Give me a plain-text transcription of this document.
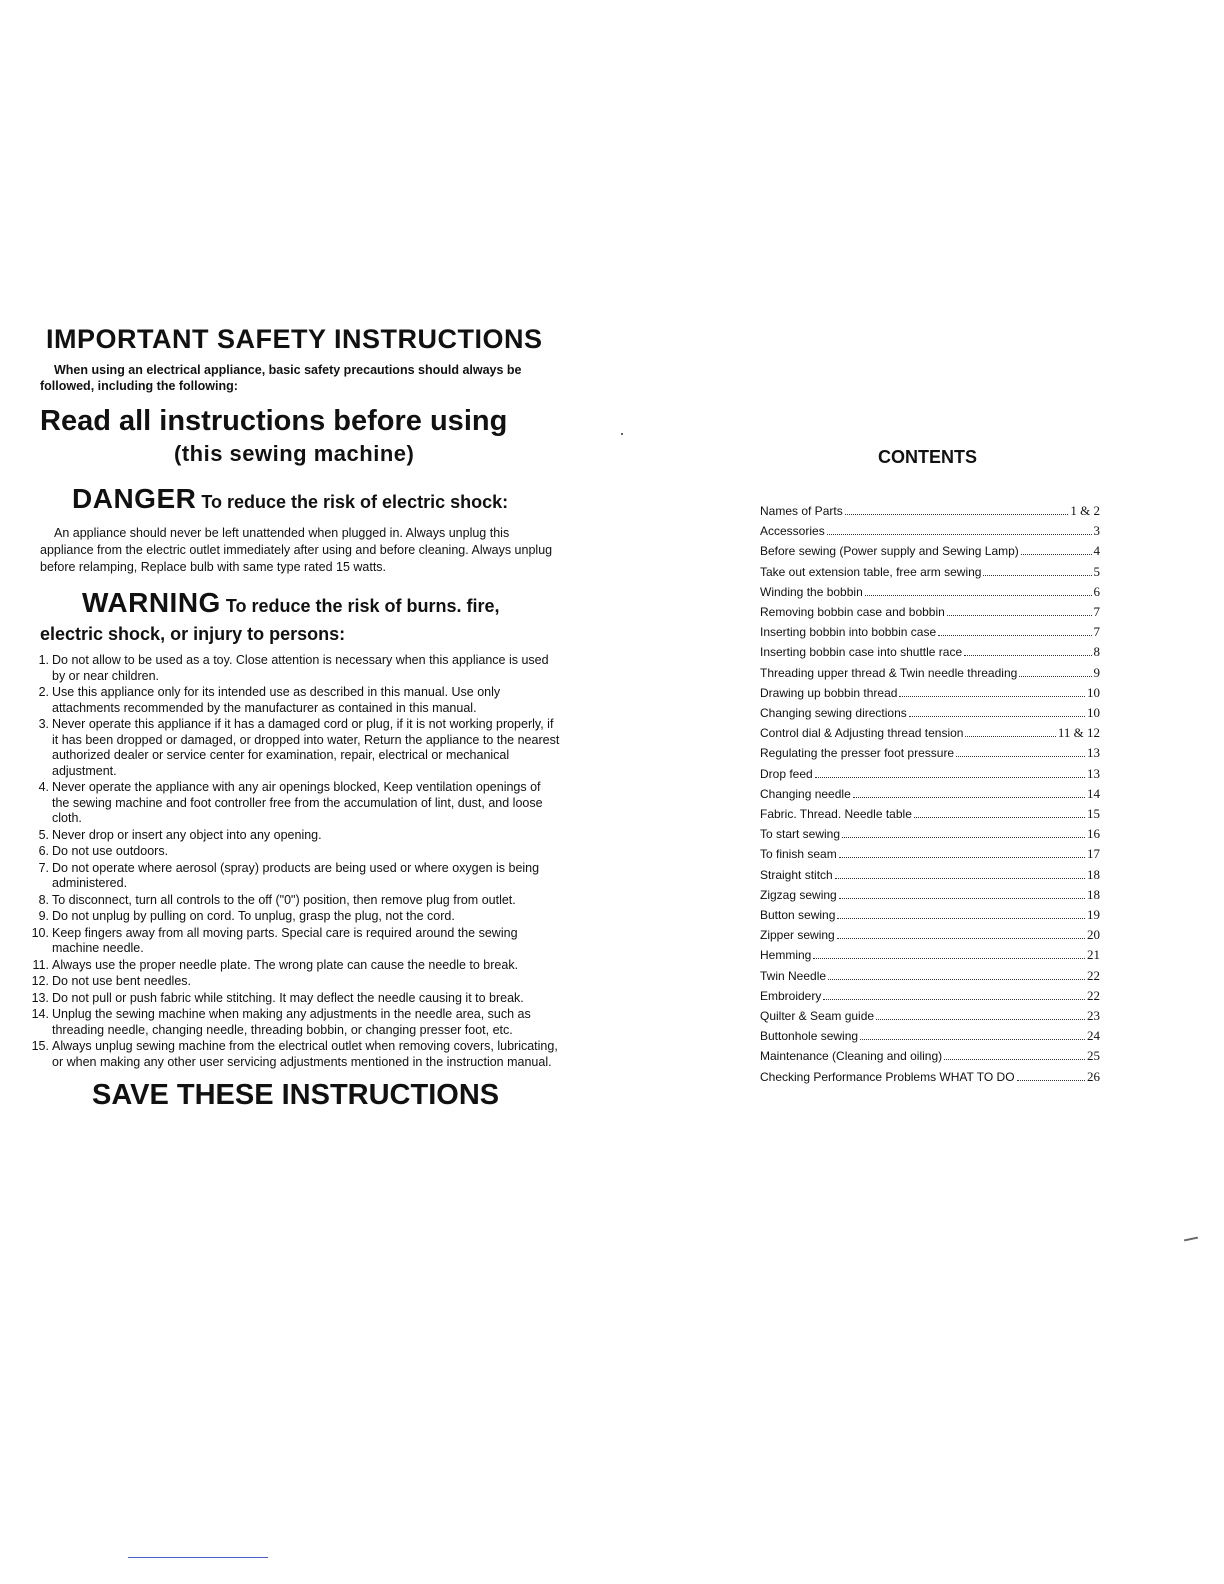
IMPORTANT SAFETY INSTRUCTIONS

When using an electrical appliance, basic safety precautions should always be followed, including the following:

Read all instructions before using

(this sewing machine)

DANGER To reduce the risk of electric shock:

An appliance should never be left unattended when plugged in. Always unplug this appliance from the electric outlet immediately after using and before cleaning. Always unplug before relamping, Replace bulb with same type rated 15 watts.

WARNING To reduce the risk of burns. fire,

electric shock, or injury to persons:

1. Do not allow to be used as a toy. Close attention is necessary when this appliance is used by or near children.
2. Use this appliance only for its intended use as described in this manual. Use only attachments recommended by the manufacturer as contained in this manual.
3. Never operate this appliance if it has a damaged cord or plug, if it is not working properly, if it has been dropped or damaged, or dropped into water, Return the appliance to the nearest authorized dealer or service center for examination, repair, electrical or mechanical adjustment.
4. Never operate the appliance with any air openings blocked, Keep ventilation openings of the sewing machine and foot controller free from the accumulation of lint, dust, and loose cloth.
5. Never drop or insert any object into any opening.
6. Do not use outdoors.
7. Do not operate where aerosol (spray) products are being used or where oxygen is being administered.
8. To disconnect, turn all controls to the off ("0") position, then remove plug from outlet.
9. Do not unplug by pulling on cord. To unplug, grasp the plug, not the cord.
10. Keep fingers away from all moving parts. Special care is required around the sewing machine needle.
11. Always use the proper needle plate. The wrong plate can cause the needle to break.
12. Do not use bent needles.
13. Do not pull or push fabric while stitching. It may deflect the needle causing it to break.
14. Unplug the sewing machine when making any adjustments in the needle area, such as threading needle, changing needle, threading bobbin, or changing presser foot, etc.
15. Always unplug sewing machine from the electrical outlet when removing covers, lubricating, or when making any other user servicing adjustments mentioned in the instruction manual.

SAVE THESE INSTRUCTIONS

CONTENTS
Names of Parts	1 & 2
Accessories	3
Before sewing (Power supply and Sewing Lamp)	4
Take out extension table, free arm sewing	5
Winding the bobbin	6
Removing bobbin case and bobbin	7
Inserting bobbin into bobbin case	7
Inserting bobbin case into shuttle race	8
Threading upper thread & Twin needle threading	9
Drawing up bobbin thread	10
Changing sewing directions	10
Control dial & Adjusting thread tension	11 & 12
Regulating the presser foot pressure	13
Drop feed	13
Changing needle	14
Fabric. Thread. Needle table	15
To start sewing	16
To finish seam	17
Straight stitch	18
Zigzag sewing	18
Button sewing	19
Zipper sewing	20
Hemming	21
Twin Needle	22
Embroidery	22
Quilter & Seam guide	23
Buttonhole sewing	24
Maintenance (Cleaning and oiling)	25
Checking Performance Problems WHAT TO DO	26
